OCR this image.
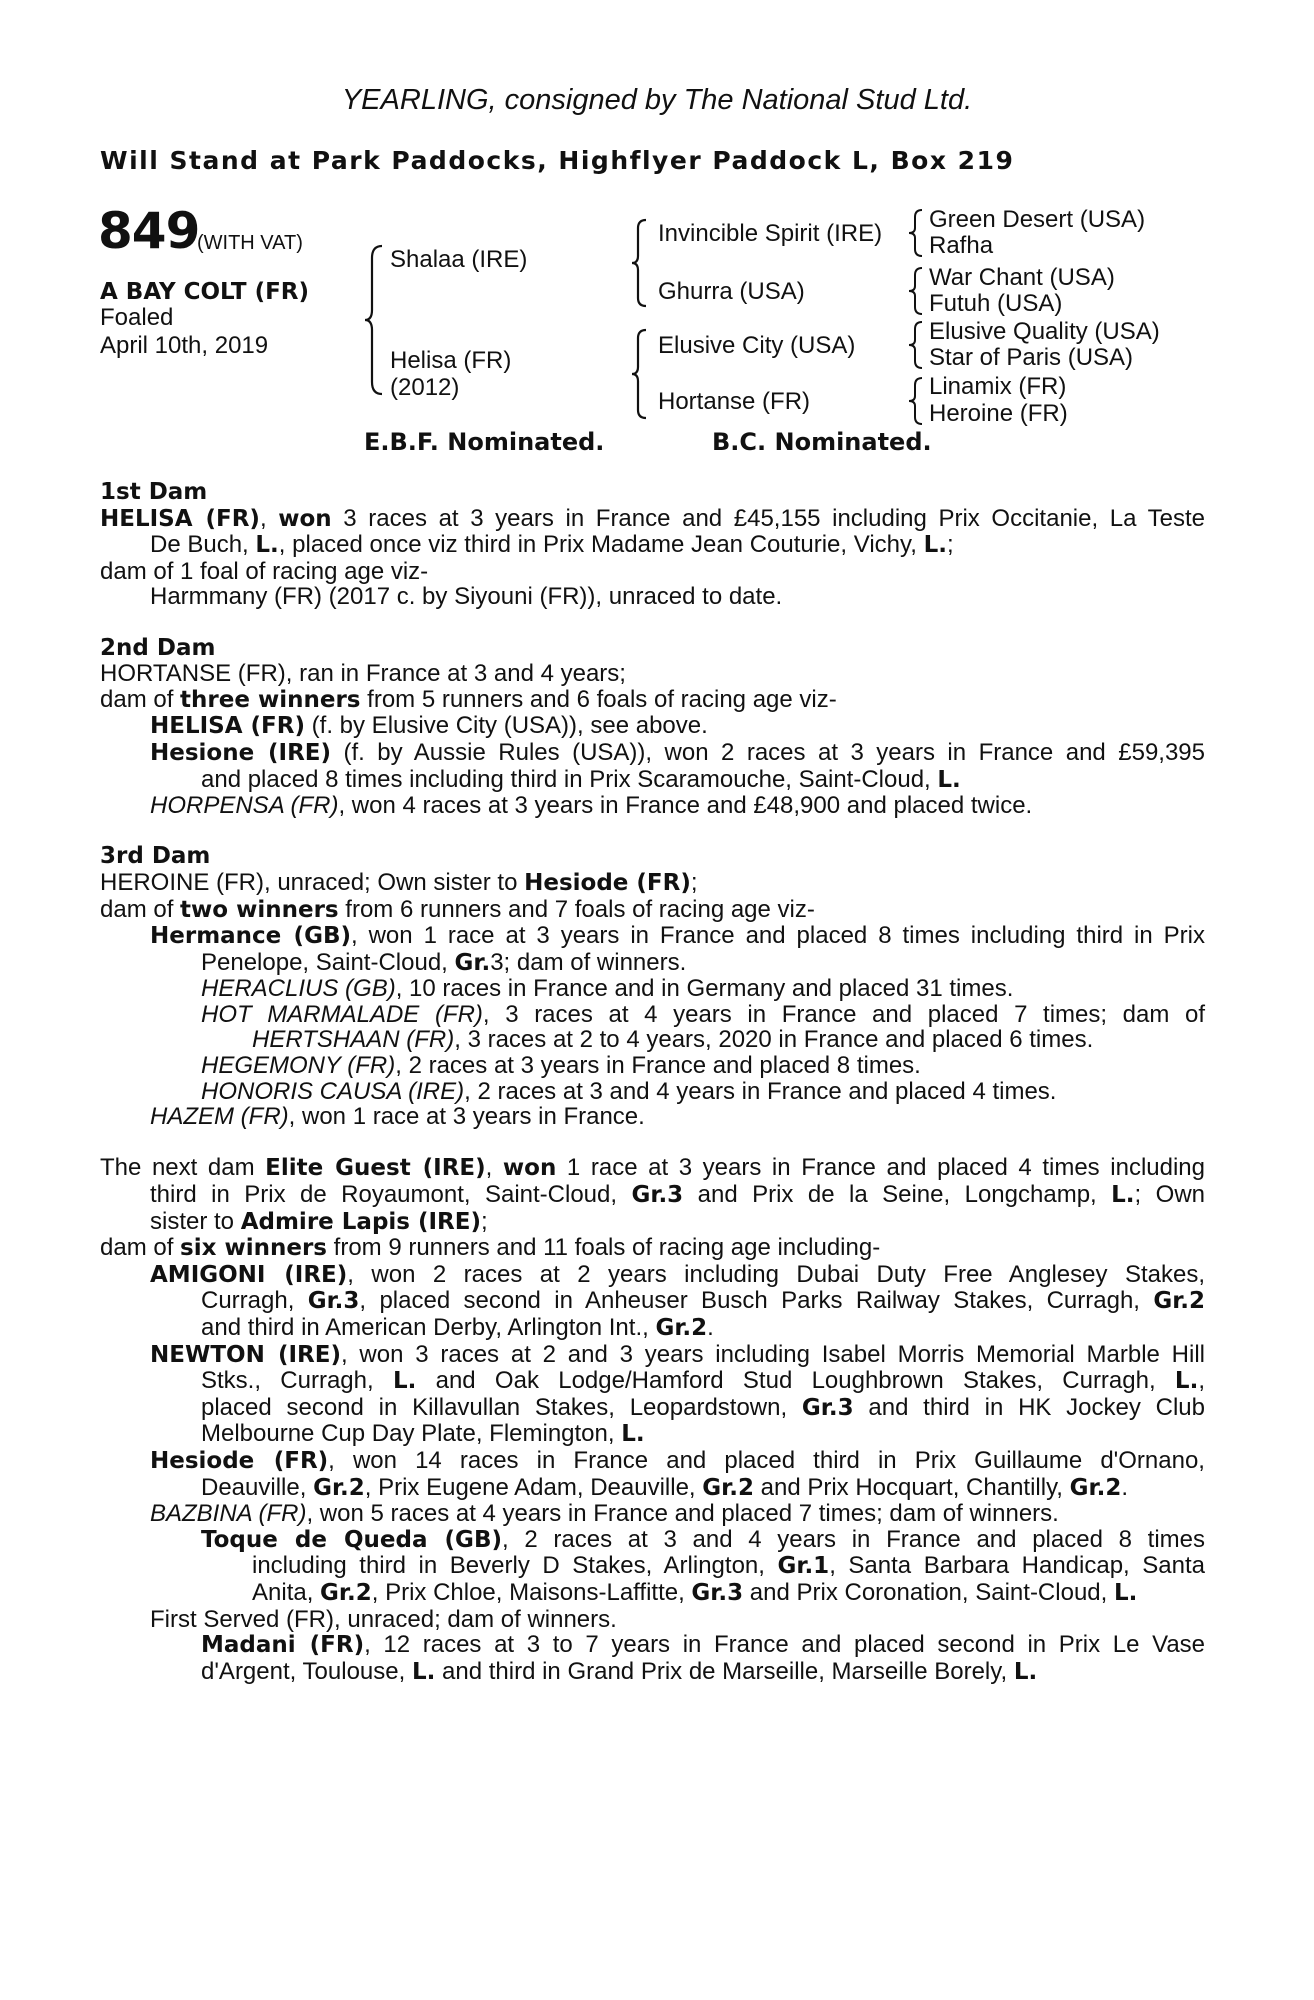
YEARLING, consigned by The National Stud Ltd.
Will Stand at Park Paddocks, Highflyer Paddock L, Box 219
849
(WITH VAT)
A BAY COLT (FR)
Foaled
April 10th, 2019
Shalaa (IRE)
Helisa (FR)
(2012)
Invincible Spirit (IRE)
Ghurra (USA)
Elusive City (USA)
Hortanse (FR)
Green Desert (USA)
Rafha
War Chant (USA)
Futuh (USA)
Elusive Quality (USA)
Star of Paris (USA)
Linamix (FR)
Heroine (FR)
E.B.F. Nominated.	B.C. Nominated.
1st Dam
HELISA (FR), won 3 races at 3 years in France and £45,155 including Prix Occitanie, La Teste
De Buch, L., placed once viz third in Prix Madame Jean Couturie, Vichy, L.;
dam of 1 foal of racing age viz-
Harmmany (FR) (2017 c. by Siyouni (FR)), unraced to date.
2nd Dam
HORTANSE (FR), ran in France at 3 and 4 years;
dam of three winners from 5 runners and 6 foals of racing age viz-
HELISA (FR) (f. by Elusive City (USA)), see above.
Hesione (IRE) (f. by Aussie Rules (USA)), won 2 races at 3 years in France and £59,395
and placed 8 times including third in Prix Scaramouche, Saint-Cloud, L.
HORPENSA (FR), won 4 races at 3 years in France and £48,900 and placed twice.
3rd Dam
HEROINE (FR), unraced; Own sister to Hesiode (FR);
dam of two winners from 6 runners and 7 foals of racing age viz-
Hermance (GB), won 1 race at 3 years in France and placed 8 times including third in Prix
Penelope, Saint-Cloud, Gr.3; dam of winners.
HERACLIUS (GB), 10 races in France and in Germany and placed 31 times.
HOT MARMALADE (FR), 3 races at 4 years in France and placed 7 times; dam of
HERTSHAAN (FR), 3 races at 2 to 4 years, 2020 in France and placed 6 times.
HEGEMONY (FR), 2 races at 3 years in France and placed 8 times.
HONORIS CAUSA (IRE), 2 races at 3 and 4 years in France and placed 4 times.
HAZEM (FR), won 1 race at 3 years in France.
The next dam Elite Guest (IRE), won 1 race at 3 years in France and placed 4 times including
third in Prix de Royaumont, Saint-Cloud, Gr.3 and Prix de la Seine, Longchamp, L.; Own
sister to Admire Lapis (IRE);
dam of six winners from 9 runners and 11 foals of racing age including-
AMIGONI (IRE), won 2 races at 2 years including Dubai Duty Free Anglesey Stakes,
Curragh, Gr.3, placed second in Anheuser Busch Parks Railway Stakes, Curragh, Gr.2
and third in American Derby, Arlington Int., Gr.2.
NEWTON (IRE), won 3 races at 2 and 3 years including Isabel Morris Memorial Marble Hill
Stks., Curragh, L. and Oak Lodge/Hamford Stud Loughbrown Stakes, Curragh, L.,
placed second in Killavullan Stakes, Leopardstown, Gr.3 and third in HK Jockey Club
Melbourne Cup Day Plate, Flemington, L.
Hesiode (FR), won 14 races in France and placed third in Prix Guillaume d'Ornano,
Deauville, Gr.2, Prix Eugene Adam, Deauville, Gr.2 and Prix Hocquart, Chantilly, Gr.2.
BAZBINA (FR), won 5 races at 4 years in France and placed 7 times; dam of winners.
Toque de Queda (GB), 2 races at 3 and 4 years in France and placed 8 times
including third in Beverly D Stakes, Arlington, Gr.1, Santa Barbara Handicap, Santa
Anita, Gr.2, Prix Chloe, Maisons-Laffitte, Gr.3 and Prix Coronation, Saint-Cloud, L.
First Served (FR), unraced; dam of winners.
Madani (FR), 12 races at 3 to 7 years in France and placed second in Prix Le Vase
d'Argent, Toulouse, L. and third in Grand Prix de Marseille, Marseille Borely, L.
